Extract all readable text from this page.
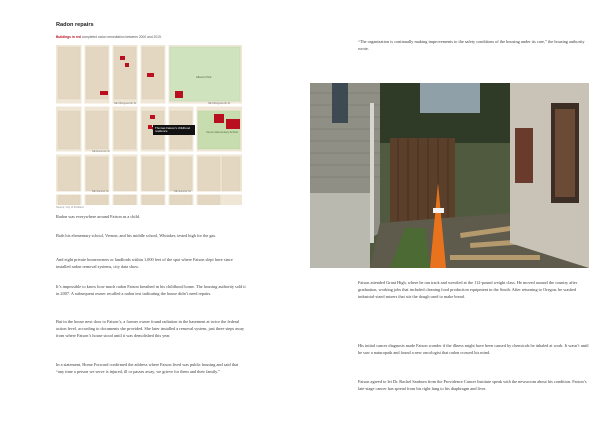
Radon repairs
Buildings in red completed radon remediation between 2000 and 2019.
NE Killingsworth St	NE Killingsworth St
NE Emerson St
NE Sumner St	NE Sumner St
Alberta Park
Vernon Elementary School
Thomas Faison's childhood residence
Source: City of Portland

Radon was everywhere around Faison as a child.

Both his elementary school, Vernon, and his middle school, Whitaker, tested high for the gas.

And eight private homeowners or landlords within 1,000 feet of the spot where Faison slept have since installed radon removal systems, city data show.

It’s impossible to know how much radon Faison breathed in his childhood home. The housing authority sold it in 2007. A subsequent owner recalled a radon test indicating the house didn’t need repairs.

But in the house next door to Faison’s, a former owner found radiation in the basement at twice the federal action level, according to documents she provided. She later installed a removal system, just three steps away from where Faison’s house stood until it was demolished this year.

In a statement, Home Forward confirmed the address where Faison lived was public housing and said that “any time a person we serve is injured, ill or passes away, we grieve for them and their family.”

“The organization is continually making improvements to the safety conditions of the housing under its care,” the housing authority wrote.

Faison attended Grant High, where he ran track and wrestled at the 112-pound weight class. He moved around the country after graduation, working jobs that included cleaning food production equipment in the South. After returning to Oregon, he washed industrial-sized mixers that stir the dough used to make bread.

His initial cancer diagnosis made Faison wonder if the illness might have been caused by chemicals he inhaled at work. It wasn’t until he saw a naturopath and found a new oncologist that radon crossed his mind.

Faison agreed to let Dr. Rachel Sanborn from the Providence Cancer Institute speak with the newsroom about his condition. Faison’s late-stage cancer has spread from his right lung to his diaphragm and liver.
